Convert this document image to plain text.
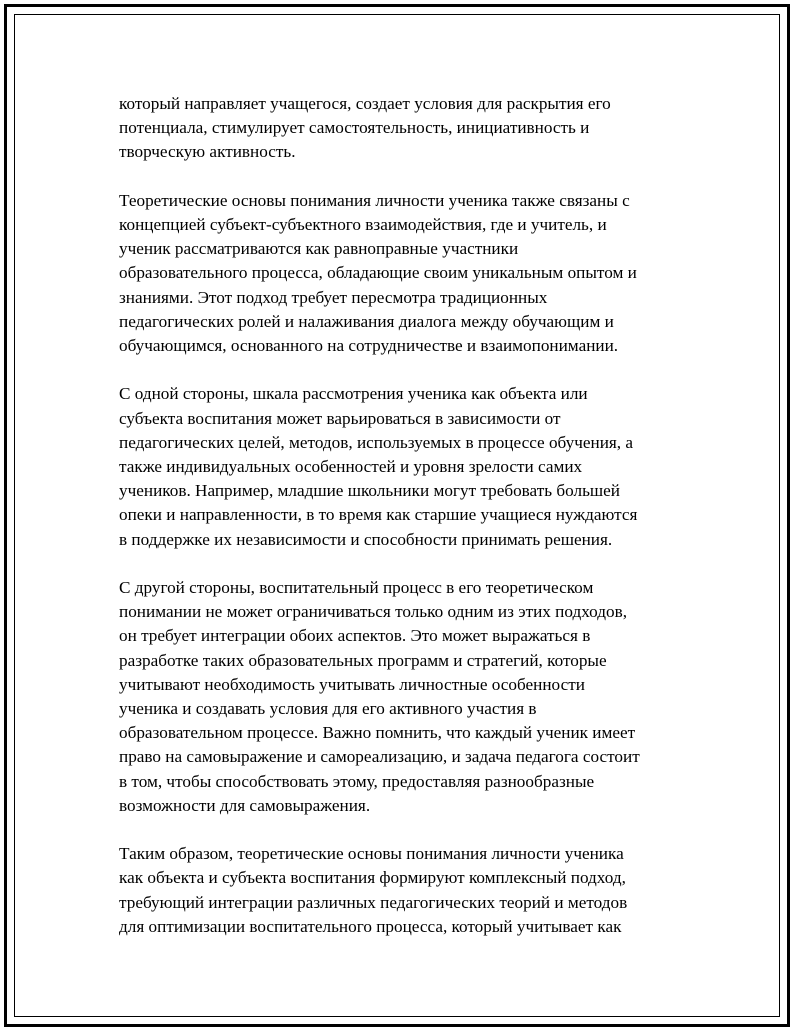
который направляет учащегося, создает условия для раскрытия его
потенциала, стимулирует самостоятельность, инициативность и
творческую активность.

Теоретические основы понимания личности ученика также связаны с
концепцией субъект-субъектного взаимодействия, где и учитель, и
ученик рассматриваются как равноправные участники
образовательного процесса, обладающие своим уникальным опытом и
знаниями. Этот подход требует пересмотра традиционных
педагогических ролей и налаживания диалога между обучающим и
обучающимся, основанного на сотрудничестве и взаимопонимании.

С одной стороны, шкала рассмотрения ученика как объекта или
субъекта воспитания может варьироваться в зависимости от
педагогических целей, методов, используемых в процессе обучения, а
также индивидуальных особенностей и уровня зрелости самих
учеников. Например, младшие школьники могут требовать большей
опеки и направленности, в то время как старшие учащиеся нуждаются
в поддержке их независимости и способности принимать решения.

С другой стороны, воспитательный процесс в его теоретическом
понимании не может ограничиваться только одним из этих подходов,
он требует интеграции обоих аспектов. Это может выражаться в
разработке таких образовательных программ и стратегий, которые
учитывают необходимость учитывать личностные особенности
ученика и создавать условия для его активного участия в
образовательном процессе. Важно помнить, что каждый ученик имеет
право на самовыражение и самореализацию, и задача педагога состоит
в том, чтобы способствовать этому, предоставляя разнообразные
возможности для самовыражения.

Таким образом, теоретические основы понимания личности ученика
как объекта и субъекта воспитания формируют комплексный подход,
требующий интеграции различных педагогических теорий и методов
для оптимизации воспитательного процесса, который учитывает как
